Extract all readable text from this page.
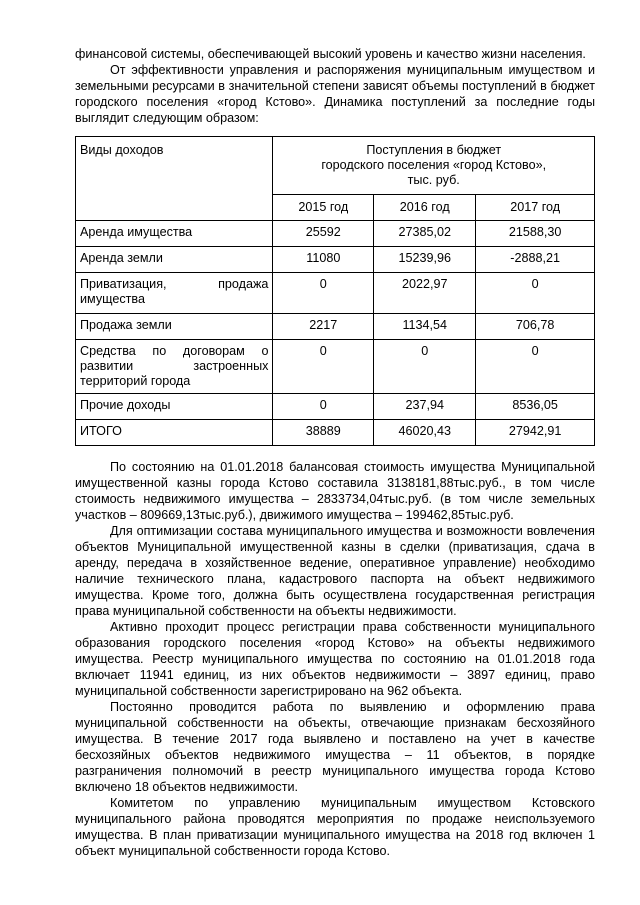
финансовой системы, обеспечивающей высокий уровень и качество жизни населения.

От эффективности управления и распоряжения муниципальным имуществом и земельными ресурсами в значительной степени зависят объемы поступлений в бюджет городского поселения «город Кстово». Динамика поступлений за последние годы выглядит следующим образом:

Виды доходов	Поступления в бюджет
городского поселения «город Кстово»,
тыс. руб.		
	2015 год	2016 год	2017 год
Аренда имущества	25592	27385,02	21588,30
Аренда земли	11080	15239,96	-2888,21

Приватизация, продажа имущества	0	2022,97	0
Продажа земли	2217	1134,54	706,78
Средства по договорам о развитии застроенных территорий города	0	0	0
Прочие доходы	0	237,94	8536,05
ИТОГО	38889	46020,43	27942,91

По состоянию на 01.01.2018 балансовая стоимость имущества Муниципальной имущественной казны города Кстово составила 3138181,88тыс.руб., в том числе стоимость недвижимого имущества – 2833734,04тыс.руб. (в том числе земельных участков – 809669,13тыс.руб.), движимого имущества – 199462,85тыс.руб.

Для оптимизации состава муниципального имущества и возможности вовлечения объектов Муниципальной имущественной казны в сделки (приватизация, сдача в аренду, передача в хозяйственное ведение, оперативное управление) необходимо наличие технического плана, кадастрового паспорта на объект недвижимого имущества. Кроме того, должна быть осуществлена государственная регистрация права муниципальной собственности на объекты недвижимости.

Активно проходит процесс регистрации права собственности муниципального образования городского поселения «город Кстово» на объекты недвижимого имущества. Реестр муниципального имущества по состоянию на 01.01.2018 года включает 11941 единиц, из них объектов недвижимости – 3897 единиц, право муниципальной собственности зарегистрировано на 962 объекта.

Постоянно проводится работа по выявлению и оформлению права муниципальной собственности на объекты, отвечающие признакам бесхозяйного имущества. В течение 2017 года выявлено и поставлено на учет в качестве бесхозяйных объектов недвижимого имущества – 11 объектов, в порядке разграничения полномочий в реестр муниципального имущества города Кстово включено 18 объектов недвижимости.

Комитетом по управлению муниципальным имуществом Кстовского муниципального района проводятся мероприятия по продаже неиспользуемого имущества. В план приватизации муниципального имущества на 2018 год включен 1 объект муниципальной собственности города Кстово.
